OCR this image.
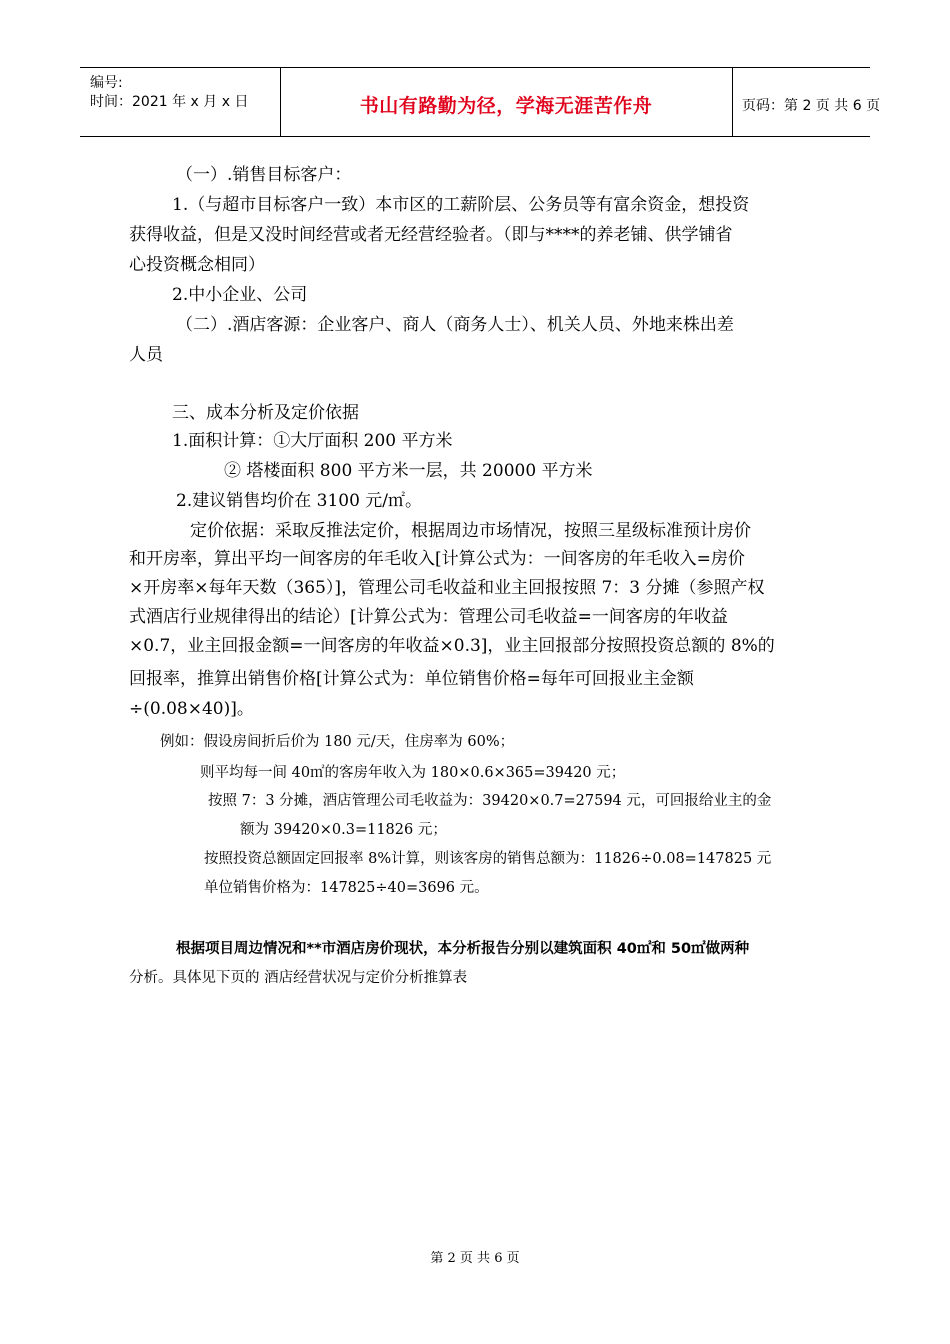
编号:
时间：2021 年 x 月 x 日	书山有路勤为径，学海无涯苦作舟	页码：第 2 页 共 6 页
（一）.销售目标客户：
1.（与超市目标客户一致）本市区的工薪阶层、公务员等有富余资金，想投资
获得收益，但是又没时间经营或者无经营经验者。（即与****的养老铺、供学铺省
心投资概念相同）
2.中小企业、公司
（二）.酒店客源：企业客户、商人（商务人士）、机关人员、外地来株出差
人员
三、成本分析及定价依据
1.面积计算：①大厅面积 200 平方米
② 塔楼面积 800 平方米一层，共 20000 平方米
2.建议销售均价在 3100 元/㎡。
定价依据：采取反推法定价，根据周边市场情况，按照三星级标准预计房价
和开房率，算出平均一间客房的年毛收入[计算公式为：一间客房的年毛收入=房价
×开房率×每年天数（365）]，管理公司毛收益和业主回报按照 7：3 分摊（参照产权
式酒店行业规律得出的结论）[计算公式为：管理公司毛收益=一间客房的年收益
×0.7，业主回报金额=一间客房的年收益×0.3]，业主回报部分按照投资总额的 8%的
回报率，推算出销售价格[计算公式为：单位销售价格=每年可回报业主金额
÷(0.08×40)]。
例如：假设房间折后价为 180 元/天，住房率为 60%；
则平均每一间 40㎡的客房年收入为 180×0.6×365=39420 元；
按照 7：3 分摊，酒店管理公司毛收益为：39420×0.7=27594 元，可回报给业主的金
额为 39420×0.3=11826 元；
按照投资总额固定回报率 8%计算，则该客房的销售总额为：11826÷0.08=147825 元
单位销售价格为：147825÷40=3696 元。
根据项目周边情况和**市酒店房价现状，本分析报告分别以建筑面积 40㎡和 50㎡做两种
分析。具体见下页的 酒店经营状况与定价分析推算表
第 2 页 共 6 页
